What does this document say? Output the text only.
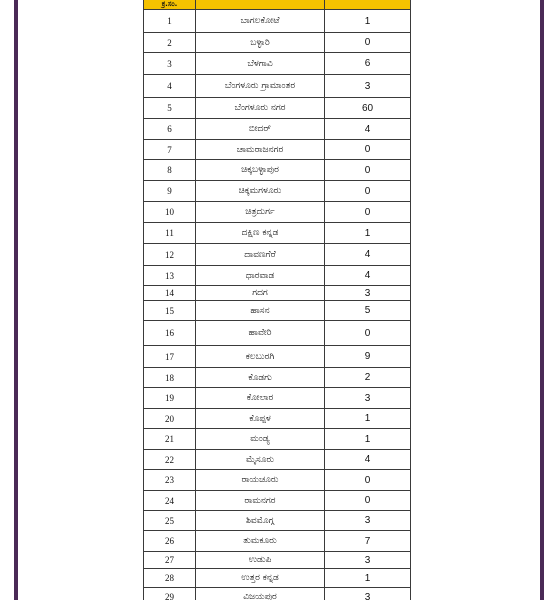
ಕ್ರ.ಸಂ.		
1	ಬಾಗಲಕೋಟೆ	1
2	ಬಳ್ಳಾರಿ	0
3	ಬೆಳಗಾವಿ	6
4	ಬೆಂಗಳೂರು ಗ್ರಾಮಾಂತರ	3
5	ಬೆಂಗಳೂರು ನಗರ	60
6	ಬೀದರ್	4
7	ಚಾಮರಾಜನಗರ	0
8	ಚಿಕ್ಕಬಳ್ಳಾಪುರ	0
9	ಚಿಕ್ಕಮಗಳೂರು	0
10	ಚಿತ್ರದುರ್ಗ	0
11	ದಕ್ಷಿಣ ಕನ್ನಡ	1
12	ದಾವಣಗೆರೆ	4
13	ಧಾರವಾಡ	4
14	ಗದಗ	3
15	ಹಾಸನ	5
16	ಹಾವೇರಿ	0
17	ಕಲಬುರಗಿ	9
18	ಕೊಡಗು	2
19	ಕೋಲಾರ	3
20	ಕೊಪ್ಪಳ	1
21	ಮಂಡ್ಯ	1
22	ಮೈಸೂರು	4
23	ರಾಯಚೂರು	0
24	ರಾಮನಗರ	0
25	ಶಿವಮೊಗ್ಗ	3
26	ತುಮಕೂರು	7
27	ಉಡುಪಿ	3
28	ಉತ್ತರ ಕನ್ನಡ	1
29	ವಿಜಯಪುರ	3
